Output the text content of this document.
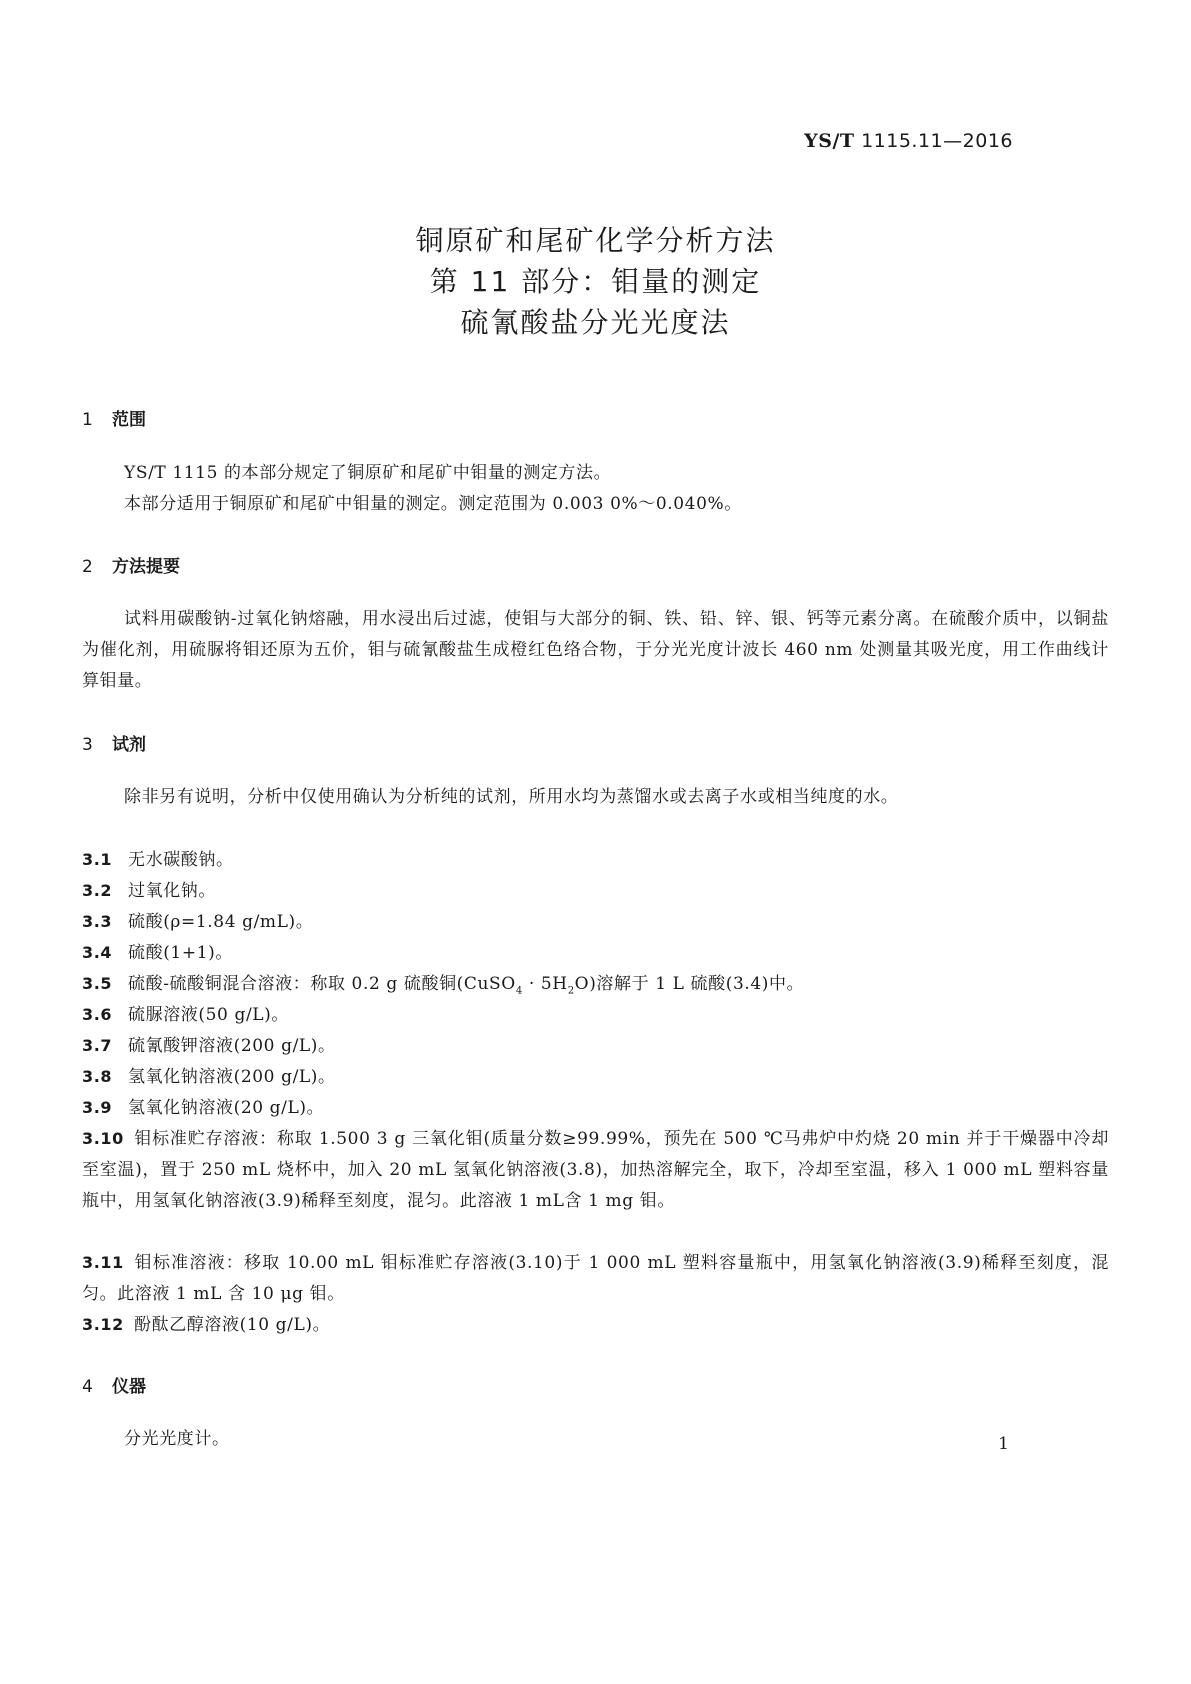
YS/T 1115.11—2016
铜原矿和尾矿化学分析方法
第 11 部分：钼量的测定
硫氰酸盐分光光度法
1 范围
YS/T 1115 的本部分规定了铜原矿和尾矿中钼量的测定方法。
本部分适用于铜原矿和尾矿中钼量的测定。测定范围为 0.003 0%～0.040%。
2 方法提要
试料用碳酸钠-过氧化钠熔融，用水浸出后过滤，使钼与大部分的铜、铁、铅、锌、银、钙等元素分离。在硫酸介质中，以铜盐为催化剂，用硫脲将钼还原为五价，钼与硫氰酸盐生成橙红色络合物，于分光光度计波长 460 nm 处测量其吸光度，用工作曲线计算钼量。
3 试剂
除非另有说明，分析中仅使用确认为分析纯的试剂，所用水均为蒸馏水或去离子水或相当纯度的水。
3.1 无水碳酸钠。
3.2 过氧化钠。
3.3 硫酸(ρ=1.84 g/mL)。
3.4 硫酸(1+1)。
3.5 硫酸-硫酸铜混合溶液：称取 0.2 g 硫酸铜(CuSO$_4$ · $5H_2O$)溶解于 1 L 硫酸(3.4)中。
3.6 硫脲溶液(50 g/L)。
3.7 硫氰酸钾溶液(200 g/L)。
3.8 氢氧化钠溶液(200 g/L)。
3.9 氢氧化钠溶液(20 g/L)。
3.10 钼标准贮存溶液：称取 1.500 3 g 三氧化钼(质量分数≥99.99%，预先在 500 ℃马弗炉中灼烧 20 min 并于干燥器中冷却至室温)，置于 250 mL 烧杯中，加入 20 mL 氢氧化钠溶液(3.8)，加热溶解完全，取下，冷却至室温，移入 1 000 mL 塑料容量瓶中，用氢氧化钠溶液(3.9)稀释至刻度，混匀。此溶液 1 mL含 1 mg 钼。
3.11 钼标准溶液：移取 10.00 mL 钼标准贮存溶液(3.10)于 1 000 mL 塑料容量瓶中，用氢氧化钠溶液(3.9)稀释至刻度，混匀。此溶液 1 mL 含 10 μg 钼。
3.12 酚酞乙醇溶液(10 g/L)。
4 仪器
分光光度计。	1
